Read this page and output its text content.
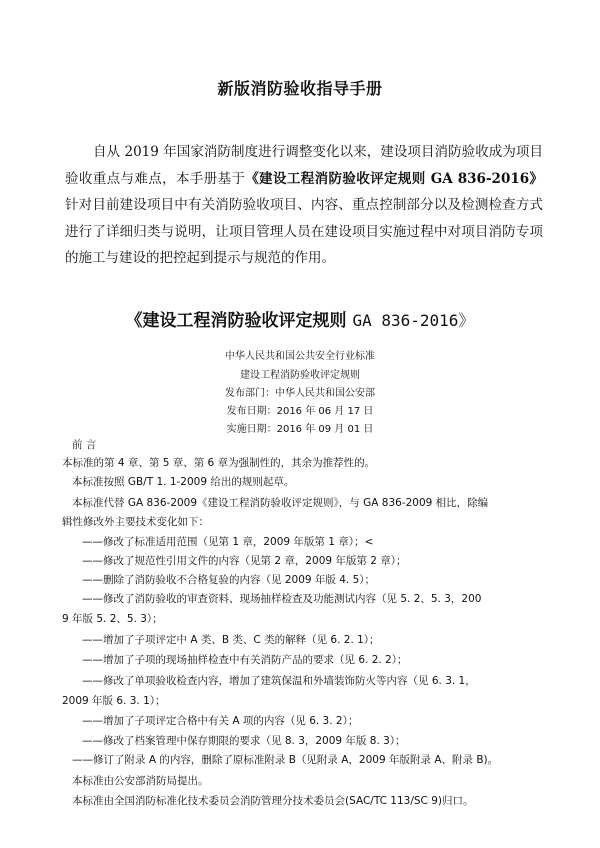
新版消防验收指导手册
自从 2019 年国家消防制度进行调整变化以来，建设项目消防验收成为项目验收重点与难点，本手册基于《建设工程消防验收评定规则 GA 836-2016》针对目前建设项目中有关消防验收项目、内容、重点控制部分以及检测检查方式进行了详细归类与说明，让项目管理人员在建设项目实施过程中对项目消防专项的施工与建设的把控起到提示与规范的作用。
《建设工程消防验收评定规则 GA 836-2016》
中华人民共和国公共安全行业标准
建设工程消防验收评定规则
发布部门：中华人民共和国公安部
发布日期：2016 年 06 月 17 日
实施日期：2016 年 09 月 01 日
前 言
本标准的第 4 章、第 5 章、第 6 章为强制性的，其余为推荐性的。
本标准按照 GB/T 1. 1-2009 给出的规则起草。
本标准代替 GA 836-2009《建设工程消防验收评定规则》，与 GA 836-2009 相比，除编
辑性修改外主要技术变化如下：
——修改了标准适用范围（见第 1 章，2009 年版第 1 章）；<
——修改了规范性引用文件的内容（见第 2 章，2009 年版第 2 章）；
——删除了消防验收不合格复验的内容（见 2009 年版 4. 5）；
——修改了消防验收的审查资料、现场抽样检查及功能测试内容（见 5. 2、5. 3，200
9 年版 5. 2、5. 3）；
——增加了子项评定中 A 类、B 类、C 类的解释（见 6. 2. 1）；
——增加了子项的现场抽样检查中有关消防产品的要求（见 6. 2. 2）；
——修改了单项验收检查内容，增加了建筑保温和外墙装饰防火等内容（见 6. 3. 1，
2009 年版 6. 3. 1）；
——增加了子项评定合格中有关 A 项的内容（见 6. 3. 2）；
——修改了档案管理中保存期限的要求（见 8. 3，2009 年版 8. 3）；
——修订了附录 A 的内容，删除了原标准附录 B（见附录 A，2009 年版附录 A、附录 B)。
本标准由公安部消防局提出。
本标准由全国消防标准化技术委员会消防管理分技术委员会(SAC/TC 113/SC 9)归口。
